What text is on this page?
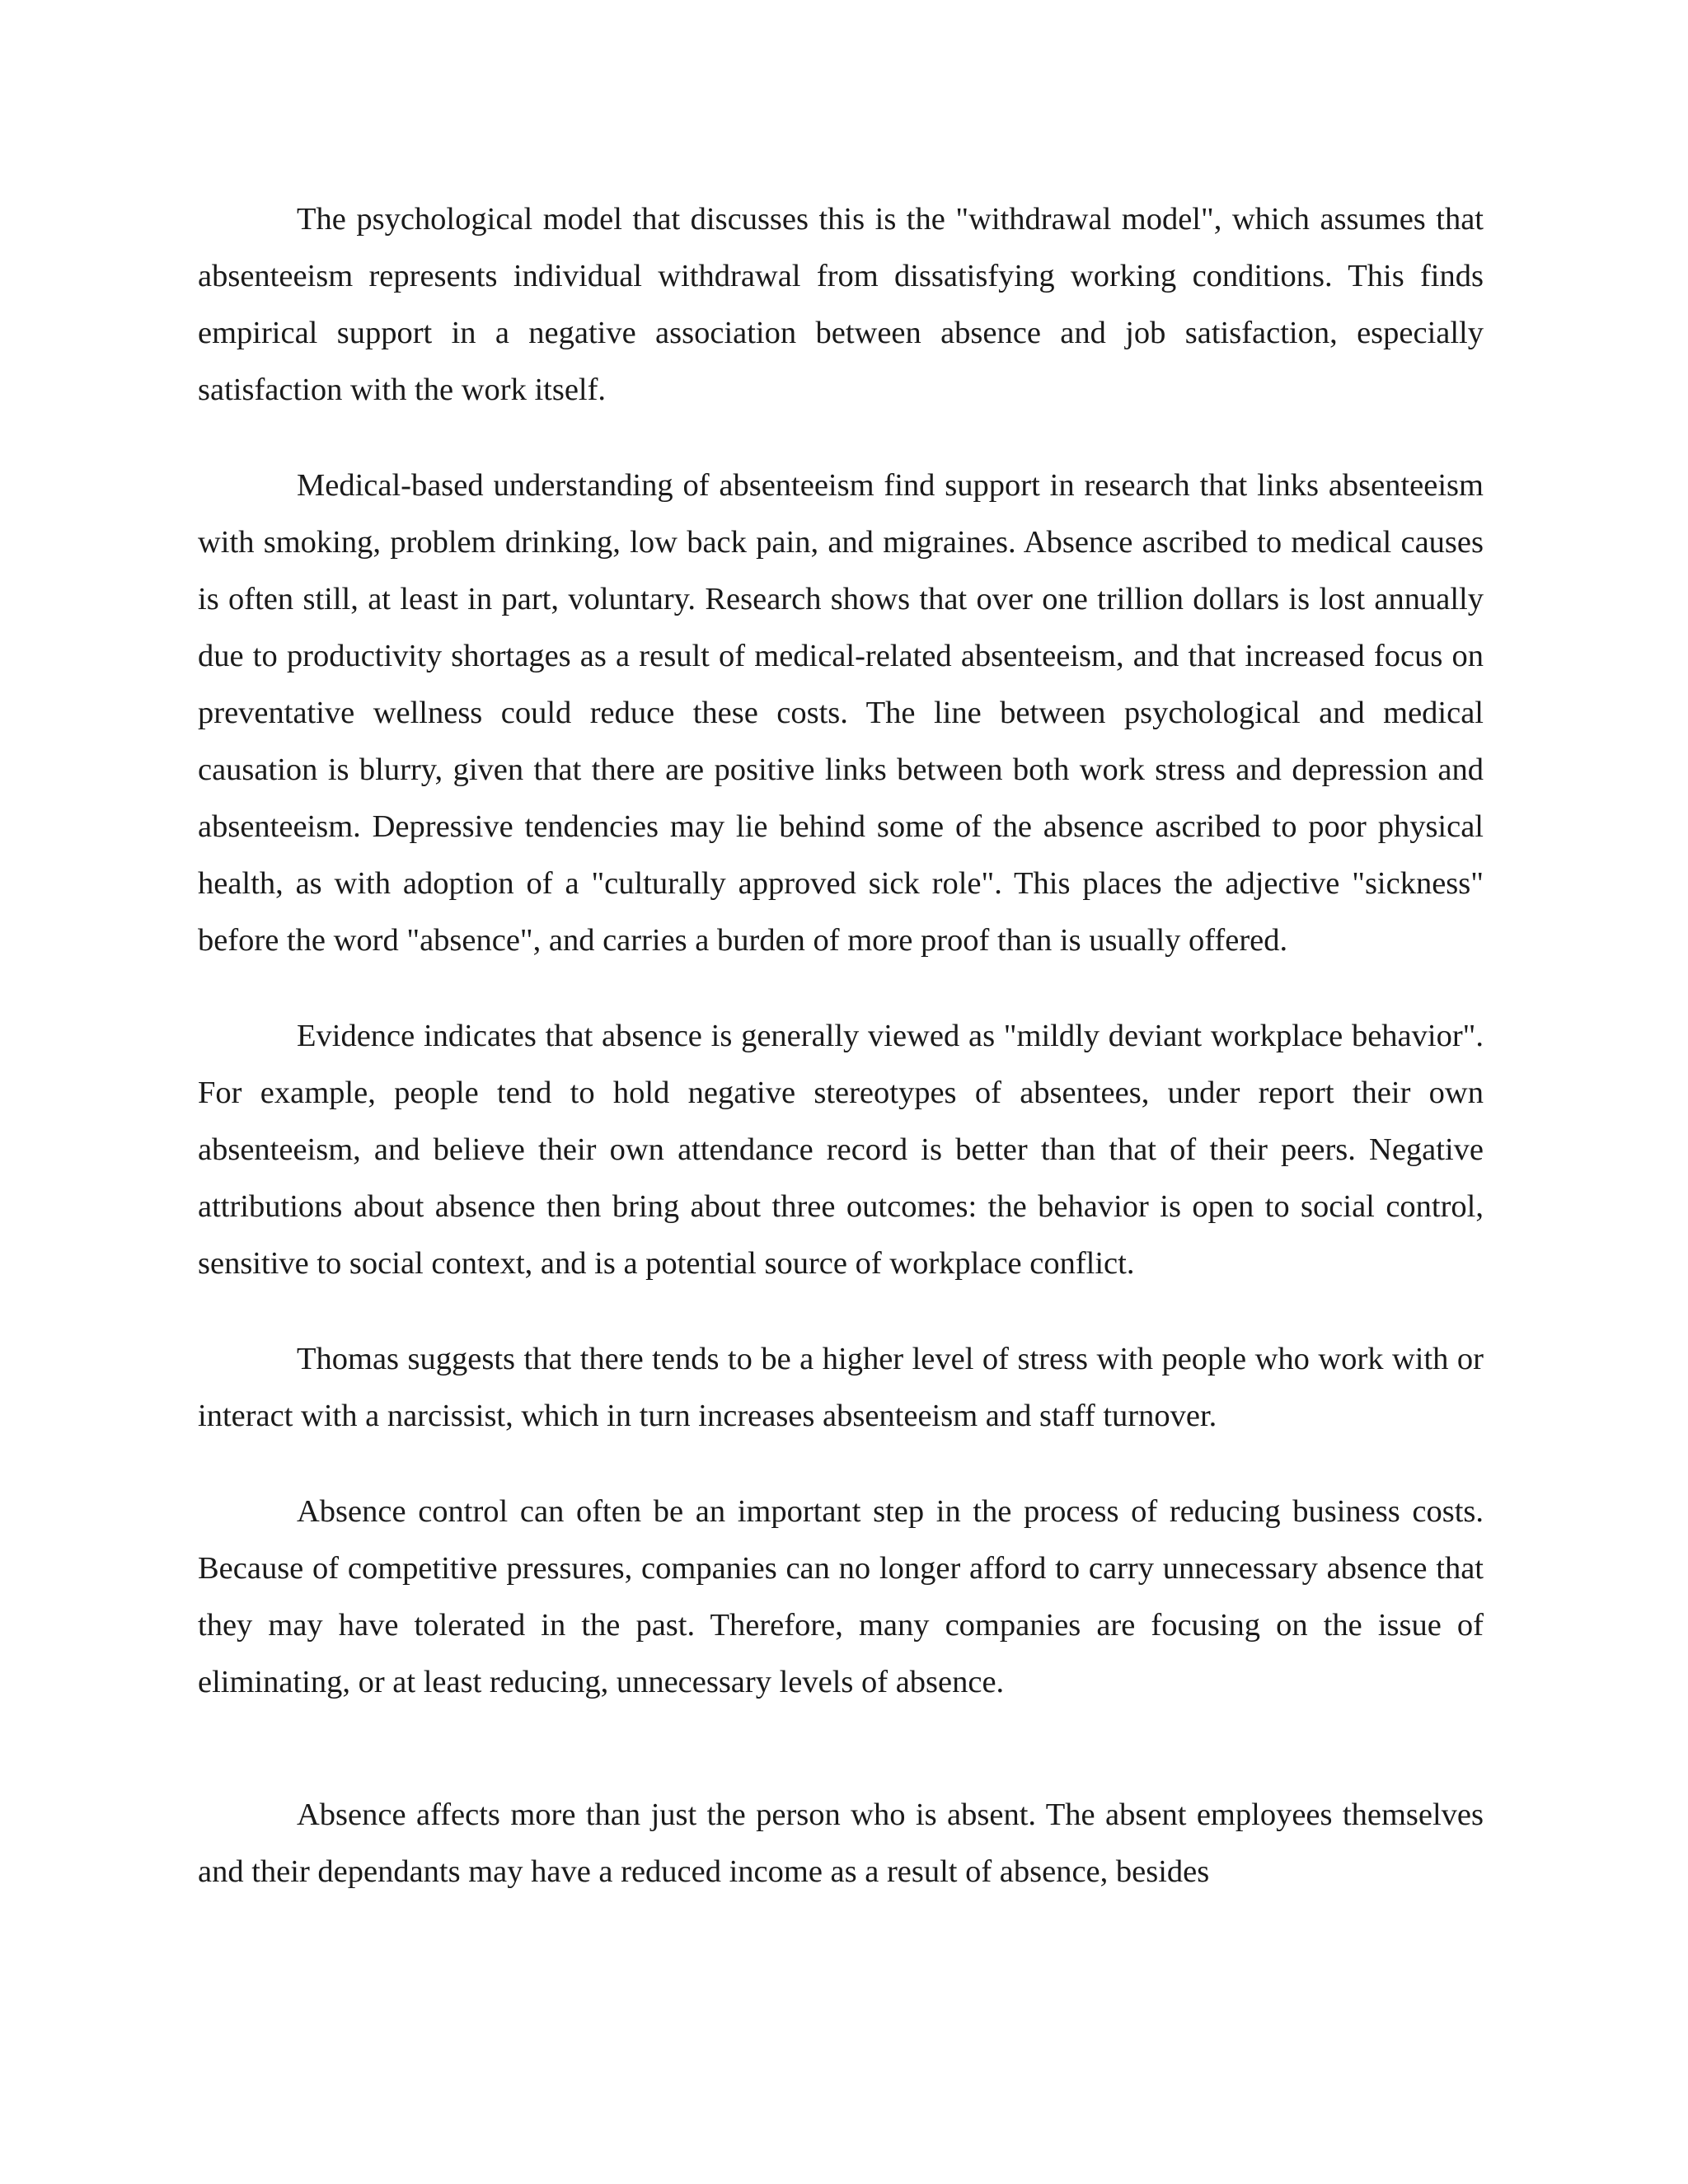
The psychological model that discusses this is the "withdrawal model", which assumes that absenteeism represents individual withdrawal from dissatisfying working conditions. This finds empirical support in a negative association between absence and job satisfaction, especially satisfaction with the work itself.

Medical-based understanding of absenteeism find support in research that links absenteeism with smoking, problem drinking, low back pain, and migraines. Absence ascribed to medical causes is often still, at least in part, voluntary. Research shows that over one trillion dollars is lost annually due to productivity shortages as a result of medical-related absenteeism, and that increased focus on preventative wellness could reduce these costs. The line between psychological and medical causation is blurry, given that there are positive links between both work stress and depression and absenteeism. Depressive tendencies may lie behind some of the absence ascribed to poor physical health, as with adoption of a "culturally approved sick role". This places the adjective "sickness" before the word "absence", and carries a burden of more proof than is usually offered.

Evidence indicates that absence is generally viewed as "mildly deviant workplace behavior". For example, people tend to hold negative stereotypes of absentees, under report their own absenteeism, and believe their own attendance record is better than that of their peers. Negative attributions about absence then bring about three outcomes: the behavior is open to social control, sensitive to social context, and is a potential source of workplace conflict.

Thomas suggests that there tends to be a higher level of stress with people who work with or interact with a narcissist, which in turn increases absenteeism and staff turnover.

Absence control can often be an important step in the process of reducing business costs. Because of competitive pressures, companies can no longer afford to carry unnecessary absence that they may have tolerated in the past. Therefore, many companies are focusing on the issue of eliminating, or at least reducing, unnecessary levels of absence.

Absence affects more than just the person who is absent. The absent employees themselves and their dependants may have a reduced income as a result of absence, besides
